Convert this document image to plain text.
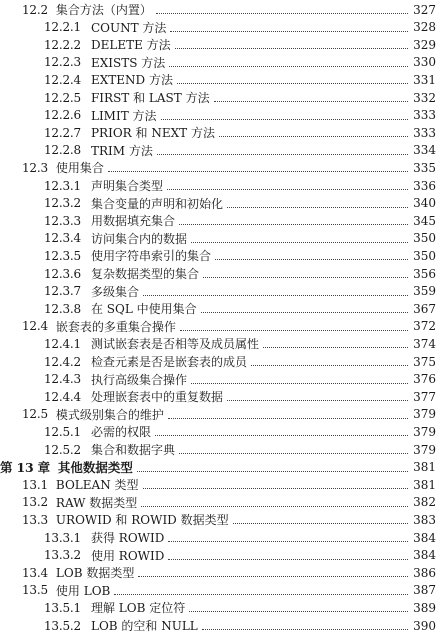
12.2 集合方法（内置）	327
12.2.1 COUNT 方法	328
12.2.2 DELETE 方法	329
12.2.3 EXISTS 方法	330
12.2.4 EXTEND 方法	331
12.2.5 FIRST 和 LAST 方法	332
12.2.6 LIMIT 方法	333
12.2.7 PRIOR 和 NEXT 方法	333
12.2.8 TRIM 方法	334
12.3 使用集合	335
12.3.1 声明集合类型	336
12.3.2 集合变量的声明和初始化	340
12.3.3 用数据填充集合	345
12.3.4 访问集合内的数据	350
12.3.5 使用字符串索引的集合	350
12.3.6 复杂数据类型的集合	356
12.3.7 多级集合	359
12.3.8 在 SQL 中使用集合	367
12.4 嵌套表的多重集合操作	372
12.4.1 测试嵌套表是否相等及成员属性	374
12.4.2 检查元素是否是嵌套表的成员	375
12.4.3 执行高级集合操作	376
12.4.4 处理嵌套表中的重复数据	377
12.5 模式级别集合的维护	379
12.5.1 必需的权限	379
12.5.2 集合和数据字典	379
第 13 章 其他数据类型	381
13.1 BOLEAN 类型	381
13.2 RAW 数据类型	382
13.3 UROWID 和 ROWID 数据类型	383
13.3.1 获得 ROWID	384
13.3.2 使用 ROWID	384
13.4 LOB 数据类型	386
13.5 使用 LOB	387
13.5.1 理解 LOB 定位符	389
13.5.2 LOB 的空和 NULL	390
